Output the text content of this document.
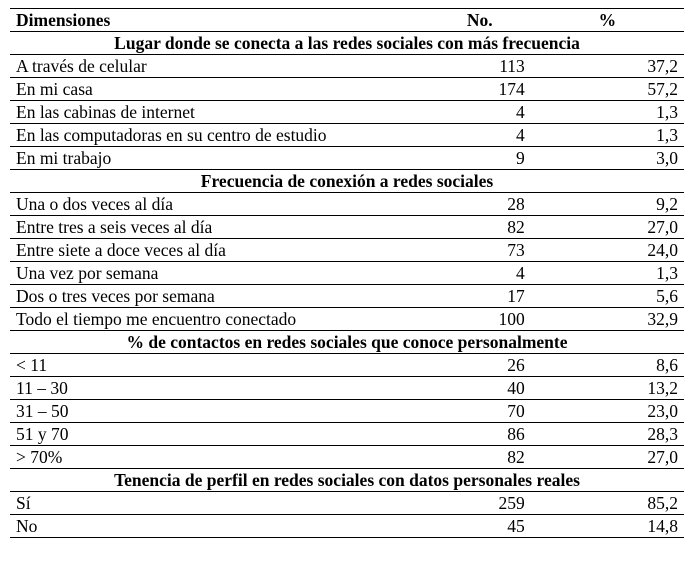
Dimensiones	No.	%
Lugar donde se conecta a las redes sociales con más frecuencia		
A través de celular	113	37,2
En mi casa	174	57,2
En las cabinas de internet	4	1,3
En las computadoras en su centro de estudio	4	1,3
En mi trabajo	9	3,0
Frecuencia de conexión a redes sociales		
Una o dos veces al día	28	9,2
Entre tres a seis veces al día	82	27,0
Entre siete a doce veces al día	73	24,0
Una vez por semana	4	1,3
Dos o tres veces por semana	17	5,6
Todo el tiempo me encuentro conectado	100	32,9
% de contactos en redes sociales que conoce personalmente		
< 11	26	8,6
11 – 30	40	13,2
31 – 50	70	23,0
51 y 70	86	28,3
> 70%	82	27,0
Tenencia de perfil en redes sociales con datos personales reales		
Sí	259	85,2
No	45	14,8
